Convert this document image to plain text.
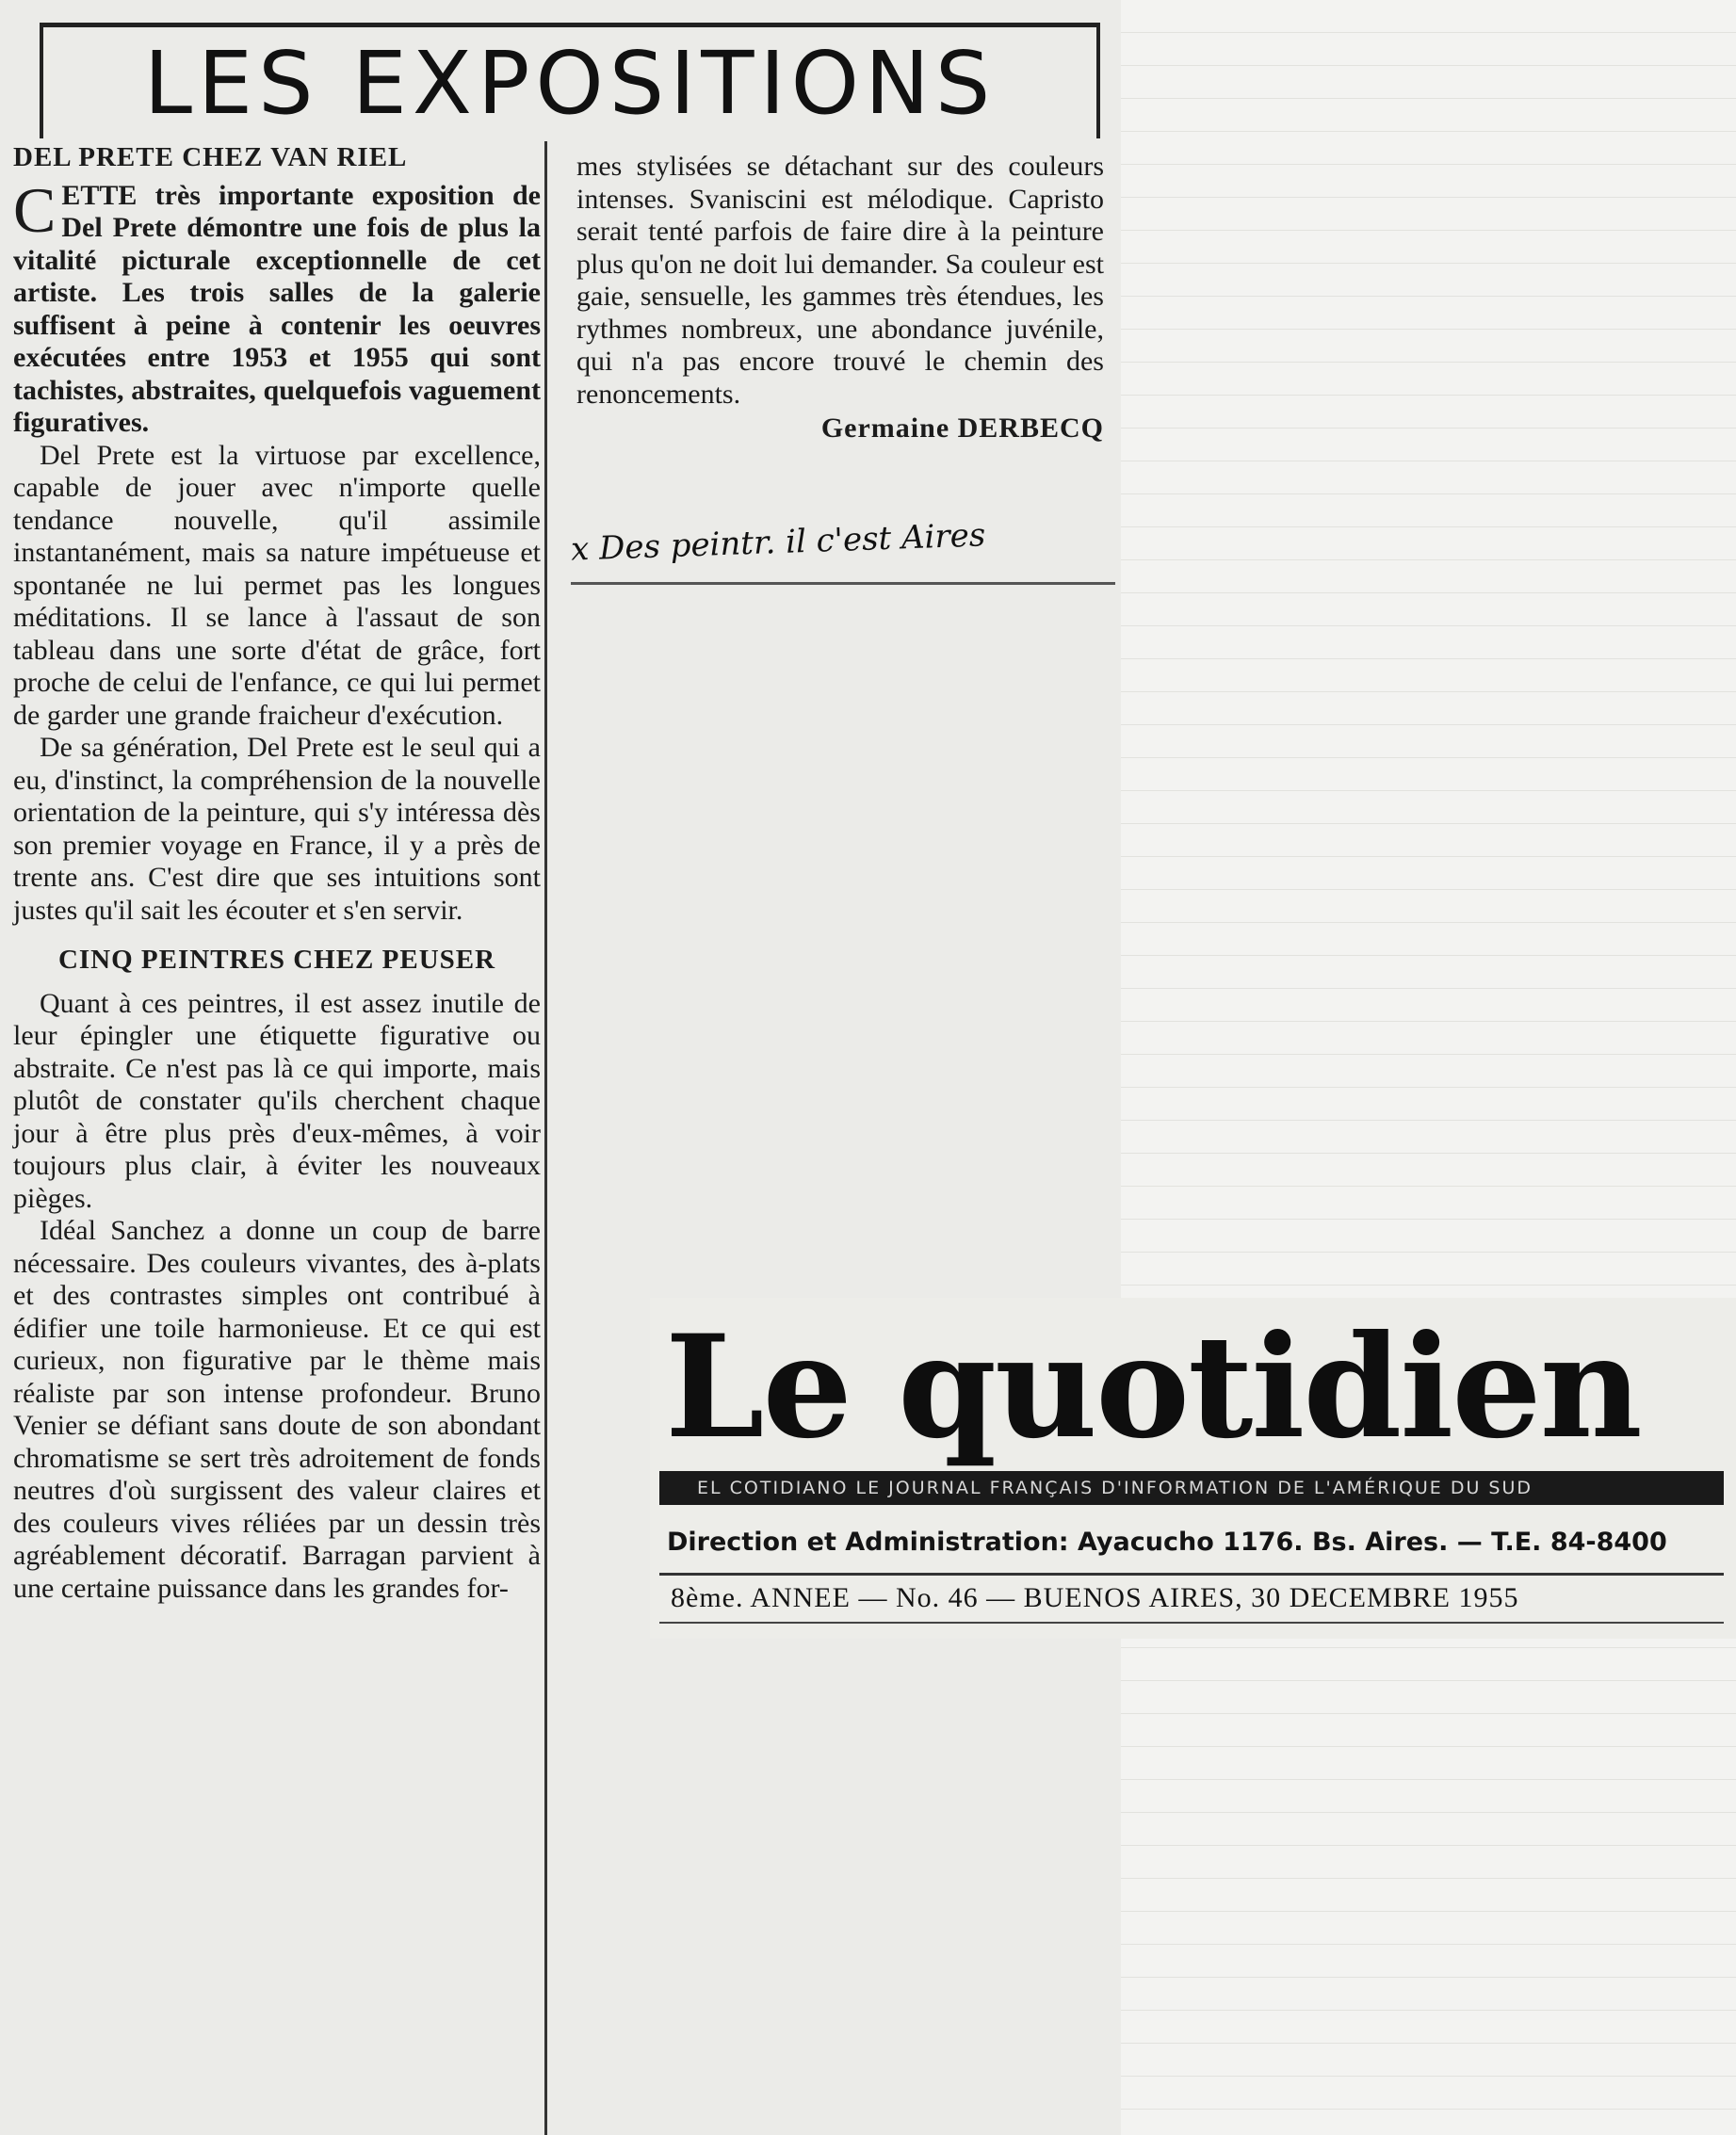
LES EXPOSITIONS
DEL PRETE CHEZ VAN RIEL

CETTE très importante exposition de Del Prete démontre une fois de plus la vitalité picturale exceptionnelle de cet artiste. Les trois salles de la galerie suffisent à peine à contenir les oeuvres exécutées entre 1953 et 1955 qui sont tachistes, abstraites, quelquefois vaguement figuratives.

Del Prete est la virtuose par excellence, capable de jouer avec n'importe quelle tendance nouvelle, qu'il assimile instantanément, mais sa nature impétueuse et spontanée ne lui permet pas les longues méditations. Il se lance à l'assaut de son tableau dans une sorte d'état de grâce, fort proche de celui de l'enfance, ce qui lui permet de garder une grande fraicheur d'exécution.

De sa génération, Del Prete est le seul qui a eu, d'instinct, la compréhension de la nouvelle orientation de la peinture, qui s'y intéressa dès son premier voyage en France, il y a près de trente ans. C'est dire que ses intuitions sont justes qu'il sait les écouter et s'en servir.

CINQ PEINTRES CHEZ PEUSER

Quant à ces peintres, il est assez inutile de leur épingler une étiquette figurative ou abstraite. Ce n'est pas là ce qui importe, mais plutôt de constater qu'ils cherchent chaque jour à être plus près d'eux-mêmes, à voir toujours plus clair, à éviter les nouveaux pièges.

Idéal Sanchez a donne un coup de barre nécessaire. Des couleurs vivantes, des à-plats et des contrastes simples ont contribué à édifier une toile harmonieuse. Et ce qui est curieux, non figurative par le thème mais réaliste par son intense profondeur. Bruno Venier se défiant sans doute de son abondant chromatisme se sert très adroitement de fonds neutres d'où surgissent des valeur claires et des couleurs vives réliées par un dessin très agréablement décoratif. Barragan parvient à une certaine puissance dans les grandes for-

mes stylisées se détachant sur des couleurs intenses. Svaniscini est mélodique. Capristo serait tenté parfois de faire dire à la peinture plus qu'on ne doit lui demander. Sa couleur est gaie, sensuelle, les gammes très étendues, les rythmes nombreux, une abondance juvénile, qui n'a pas encore trouvé le chemin des renoncements.

Germaine DERBECQ
x Des peintr. il c'est Aires
Le quotidien
EL COTIDIANO LE JOURNAL FRANÇAIS D'INFORMATION DE L'AMÉRIQUE DU SUD
Direction et Administration: Ayacucho 1176. Bs. Aires. — T.E. 84-8400
8ème. ANNEE — No. 46 — BUENOS AIRES, 30 DECEMBRE 1955
